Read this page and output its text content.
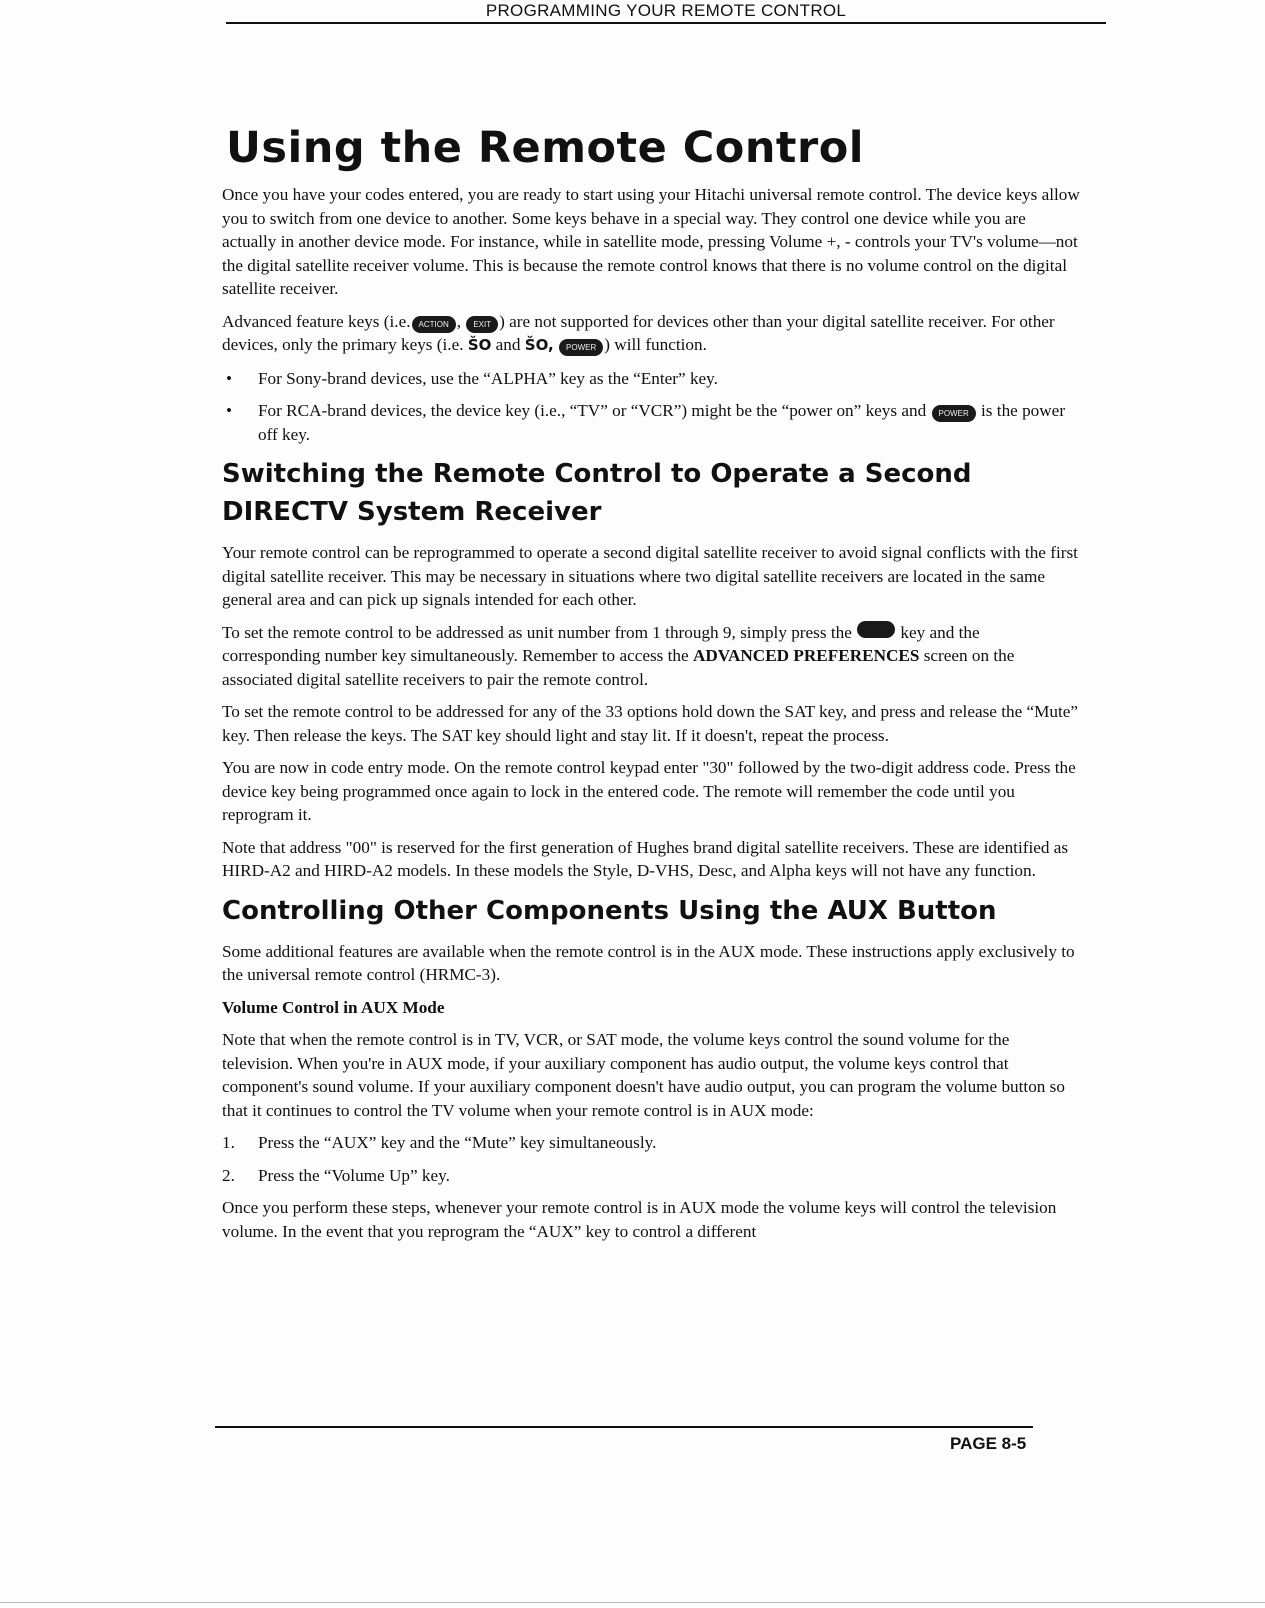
PROGRAMMING YOUR REMOTE CONTROL
Using the Remote Control

Once you have your codes entered, you are ready to start using your Hitachi universal remote control. The device keys allow you to switch from one device to another. Some keys behave in a special way. They control one device while you are actually in another device mode. For instance, while in satellite mode, pressing Volume +, - controls your TV's volume—not the digital satellite receiver volume. This is because the remote control knows that there is no volume control on the digital satellite receiver.

Advanced feature keys (i.e. ACTION , EXIT ) are not supported for devices other than your digital satellite receiver. For other devices, only the primary keys (i.e. ŠO and ŠO, POWER ) will function.

• For Sony-brand devices, use the “ALPHA” key as the “Enter” key.

• For RCA-brand devices, the device key (i.e., “TV” or “VCR”) might be the “power on” keys and POWER is the power off key.

Switching the Remote Control to Operate a Second DIRECTV System Receiver

Your remote control can be reprogrammed to operate a second digital satellite receiver to avoid signal conflicts with the first digital satellite receiver. This may be necessary in situations where two digital satellite receivers are located in the same general area and can pick up signals intended for each other.

To set the remote control to be addressed as unit number from 1 through 9, simply press the	key and the corresponding number key simultaneously. Remember to access the ADVANCED PREFERENCES screen on the associated digital satellite receivers to pair the remote control.

To set the remote control to be addressed for any of the 33 options hold down the SAT key, and press and release the “Mute” key. Then release the keys. The SAT key should light and stay lit. If it doesn't, repeat the process.

You are now in code entry mode. On the remote control keypad enter "30" followed by the two-digit address code. Press the device key being programmed once again to lock in the entered code. The remote will remember the code until you reprogram it.

Note that address "00" is reserved for the first generation of Hughes brand digital satellite receivers. These are identified as HIRD-A2 and HIRD-A2 models. In these models the Style, D-VHS, Desc, and Alpha keys will not have any function.

Controlling Other Components Using the AUX Button

Some additional features are available when the remote control is in the AUX mode. These instructions apply exclusively to the universal remote control (HRMC-3).

Volume Control in AUX Mode

Note that when the remote control is in TV, VCR, or SAT mode, the volume keys control the sound volume for the television. When you're in AUX mode, if your auxiliary component has audio output, the volume keys control that component's sound volume. If your auxiliary component doesn't have audio output, you can program the volume button so that it continues to control the TV volume when your remote control is in AUX mode:

1. Press the “AUX” key and the “Mute” key simultaneously.

2. Press the “Volume Up” key.

Once you perform these steps, whenever your remote control is in AUX mode the volume keys will control the television volume. In the event that you reprogram the “AUX” key to control a different

PAGE 8-5
